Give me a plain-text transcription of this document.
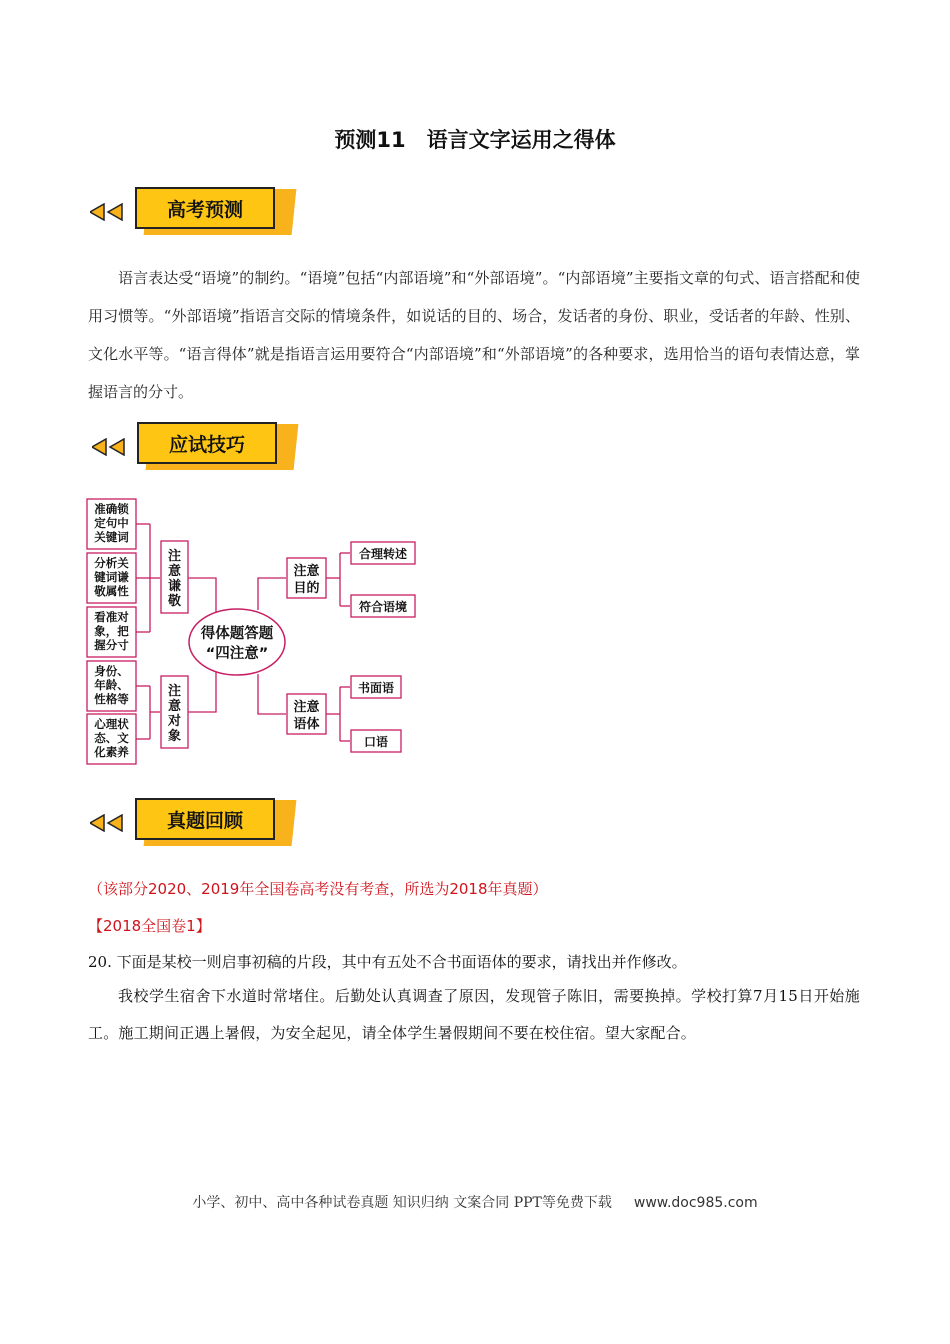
预测11　语言文字运用之得体
高考预测
语言表达受“语境”的制约。“语境”包括“内部语境”和“外部语境”。“内部语境”主要指文章的句式、语言搭配和使用习惯等。“外部语境”指语言交际的情境条件，如说话的目的、场合，发话者的身份、职业，受话者的年龄、性别、文化水平等。“语言得体”就是指语言运用要符合“内部语境”和“外部语境”的各种要求，选用恰当的语句表情达意，掌握语言的分寸。
应试技巧
准确锁
定句中
关键词
分析关
键词谦
敬属性
看准对
象，把
握分寸
身份、
年龄、
性格等
心理状
态、文
化素养
注意谦敬
注意对象
得体题答题
“四注意”
注意
目的
注意
语体
合理转述
符合语境
书面语
口语
真题回顾
（该部分2020、2019年全国卷高考没有考查，所选为2018年真题）
【2018全国卷1】
20. 下面是某校一则启事初稿的片段，其中有五处不合书面语体的要求，请找出并作修改。
我校学生宿舍下水道时常堵住。后勤处认真调查了原因，发现管子陈旧，需要换掉。学校打算7月15日开始施工。施工期间正遇上暑假，为安全起见，请全体学生暑假期间不要在校住宿。望大家配合。
小学、初中、高中各种试卷真题 知识归纳 文案合同 PPT等免费下载 www.doc985.com
